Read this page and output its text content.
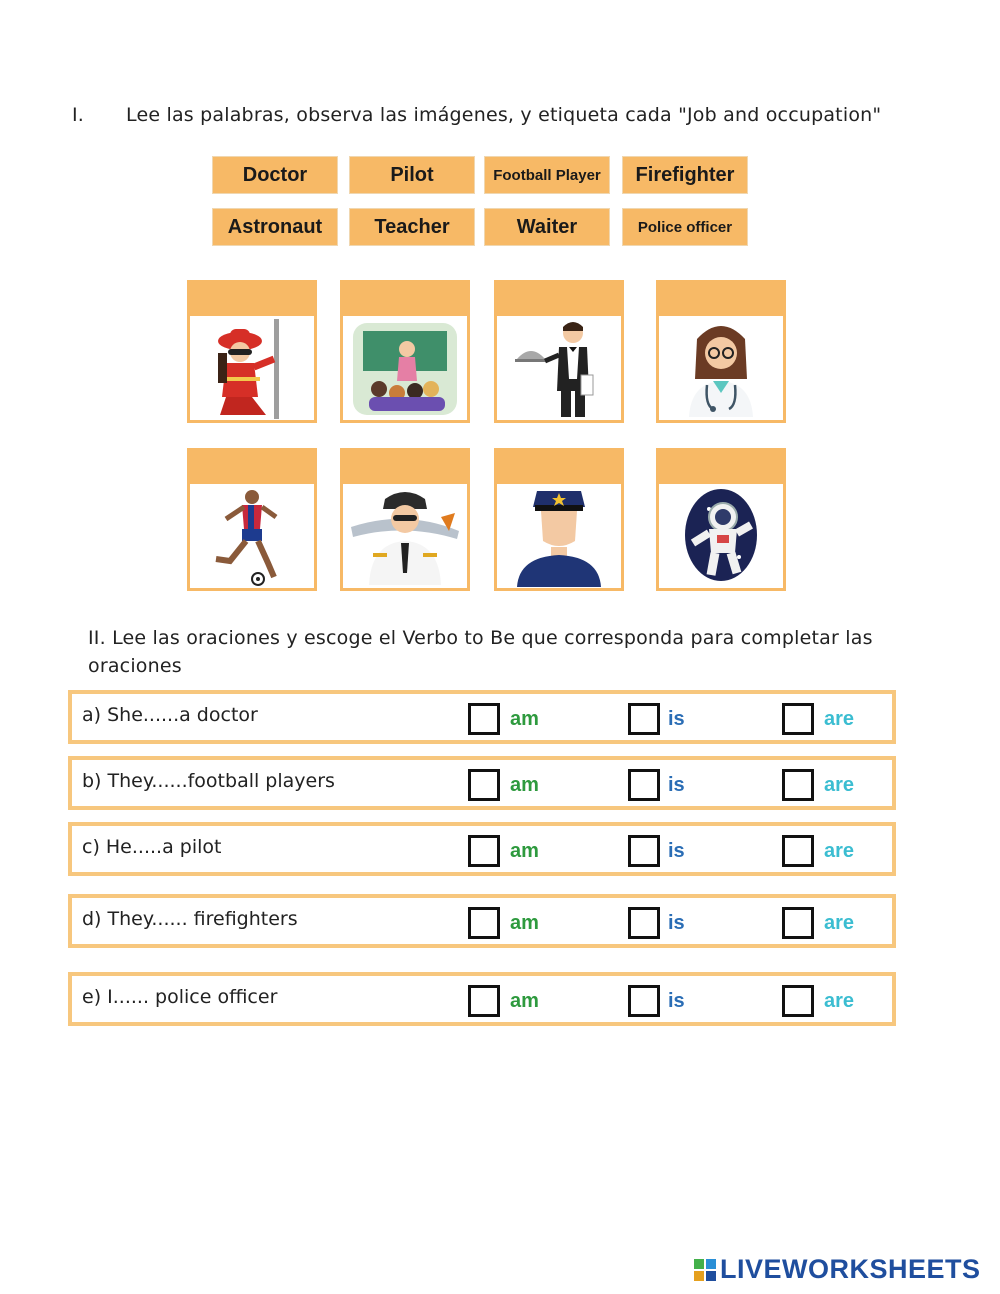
I. Lee las palabras, observa las imágenes, y etiqueta cada "Job and occupation"
Doctor	Pilot	Football Player	Firefighter
Astronaut	Teacher	Waiter	Police officer
II. Lee las oraciones y escoge el Verbo to Be que corresponda para completar las oraciones
a) She......a doctor	am	is	are
b) They......football players	am	is	are
c) He.....a pilot	am	is	are
d) They...... firefighters	am	is	are
e) I...... police officer	am	is	are
LIVEWORKSHEETS
